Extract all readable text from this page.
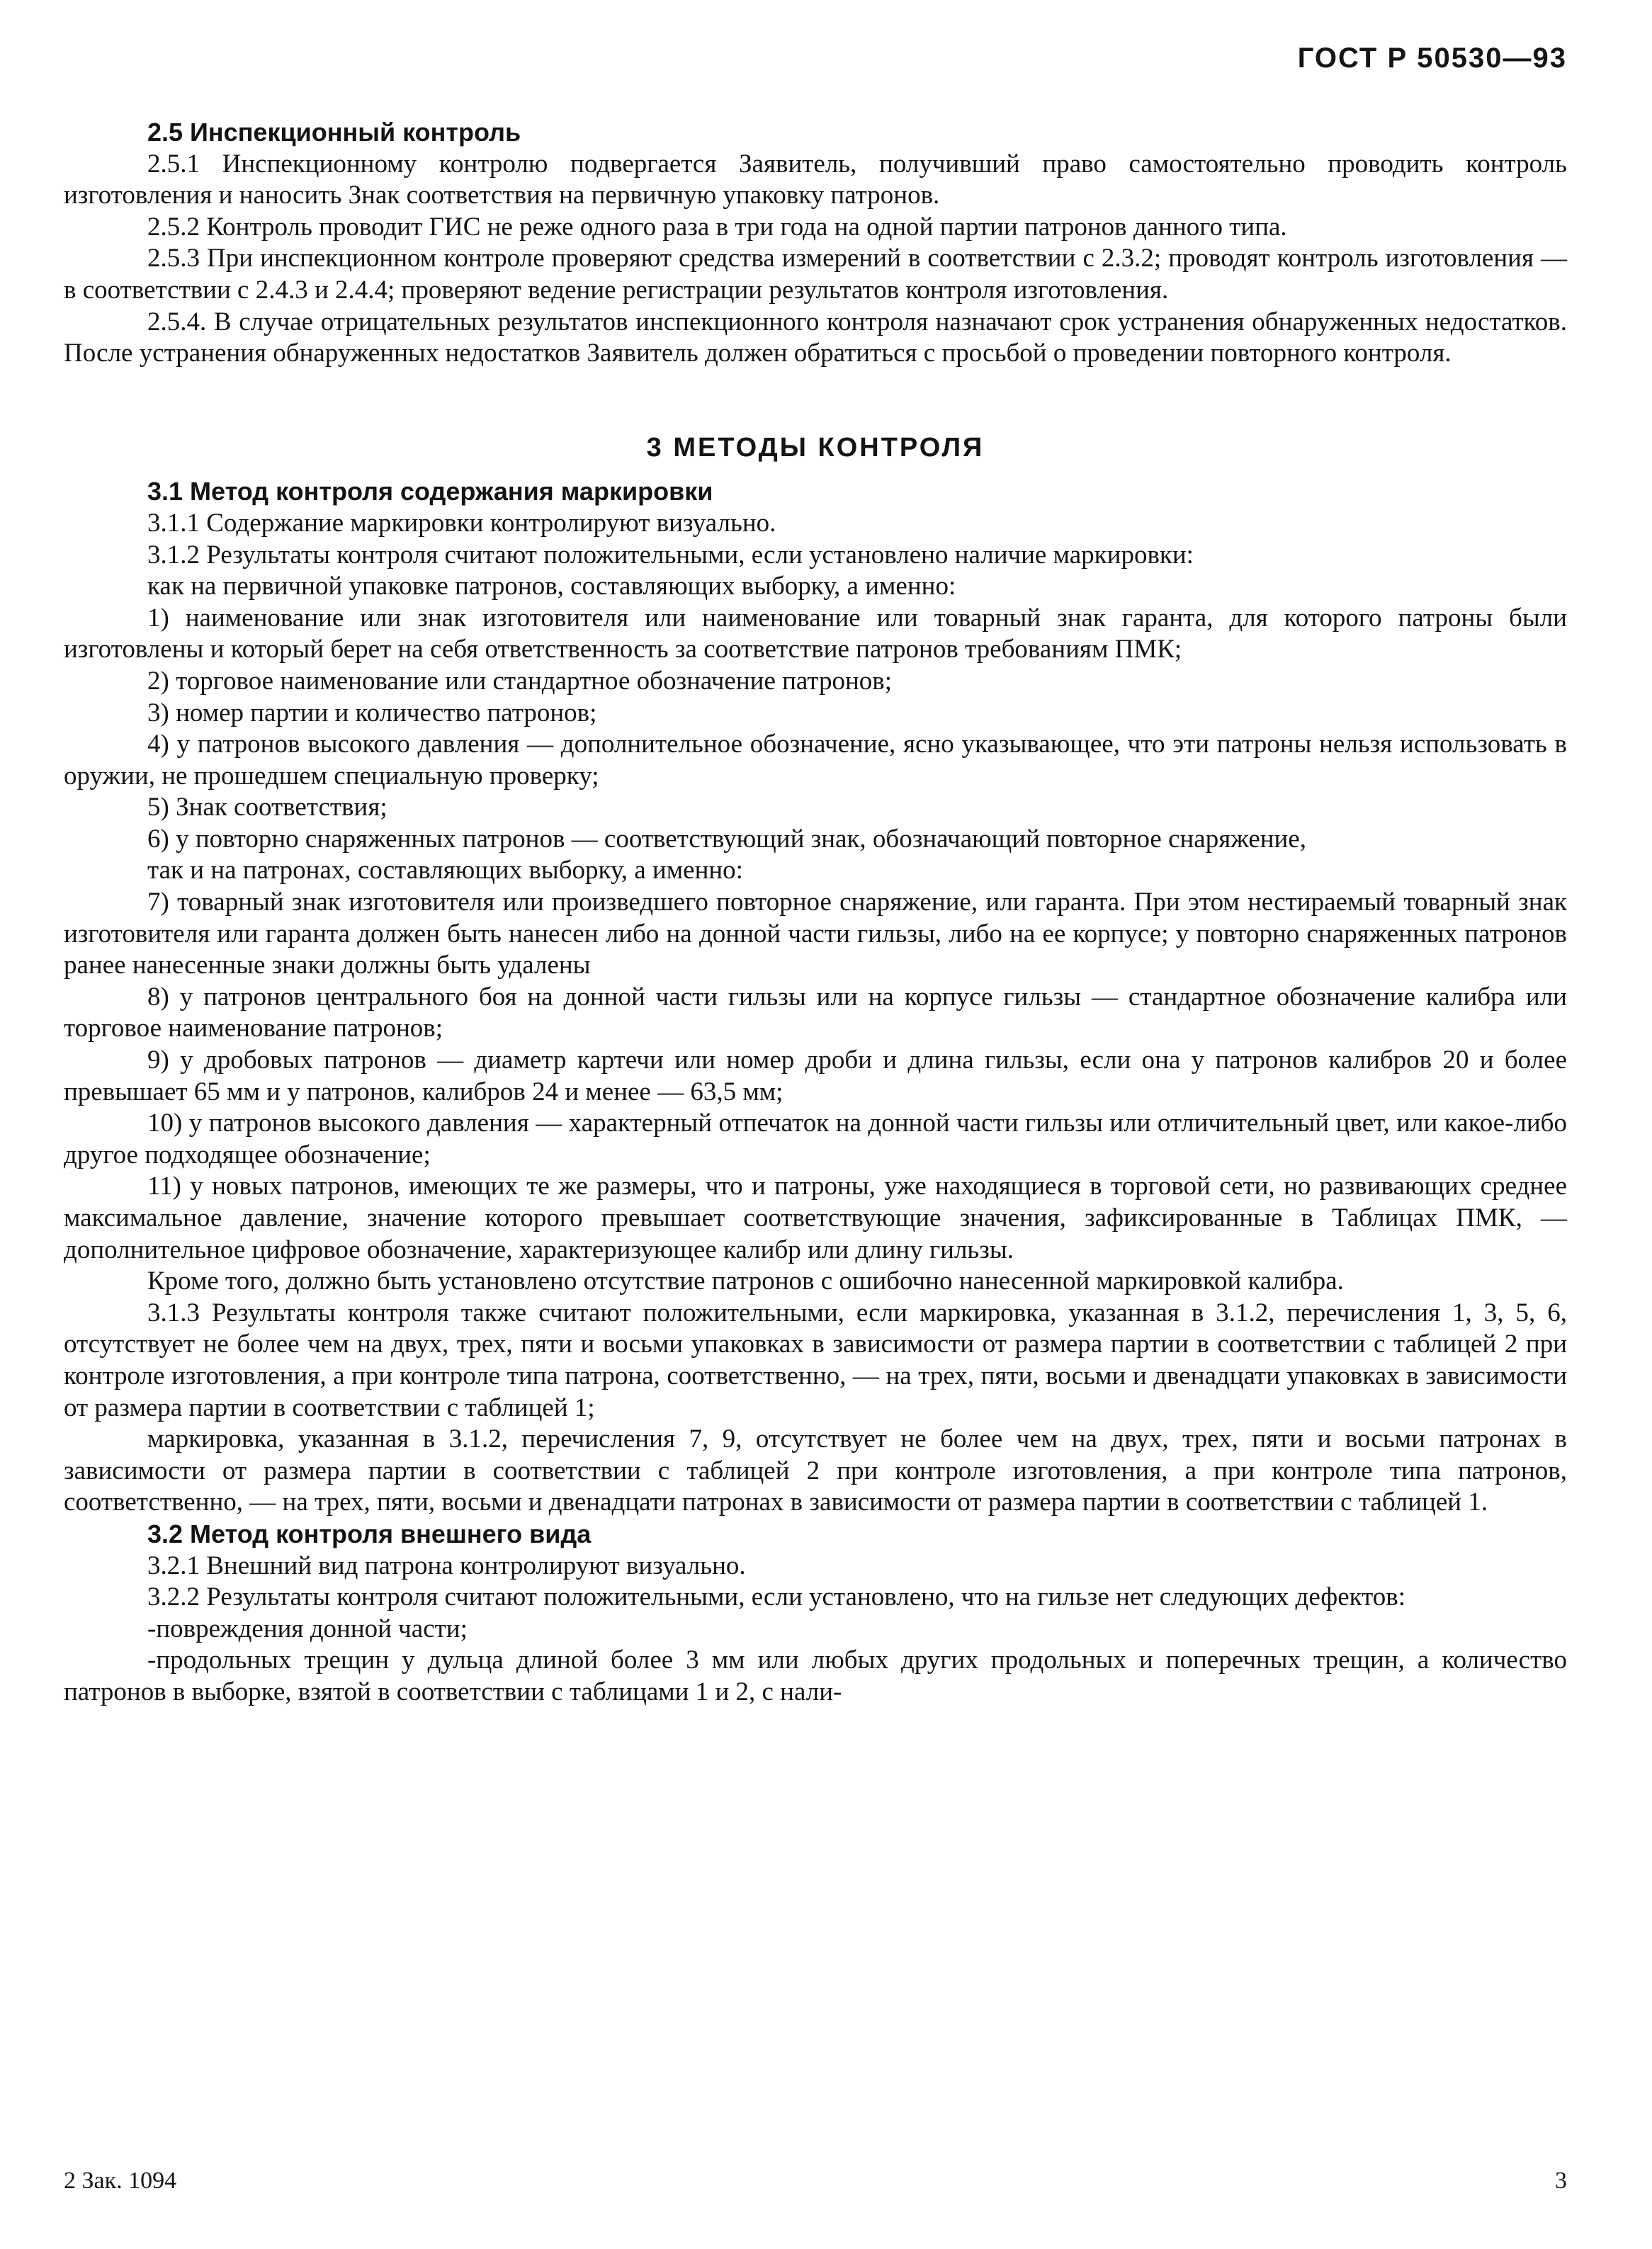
ГОСТ Р 50530—93
2.5 Инспекционный контроль

2.5.1 Инспекционному контролю подвергается Заявитель, получивший право самостоятельно проводить контроль изготовления и наносить Знак соответствия на первичную упаковку патронов.

2.5.2 Контроль проводит ГИС не реже одного раза в три года на одной партии патронов данного типа.

2.5.3 При инспекционном контроле проверяют средства измерений в соответствии с 2.3.2; проводят контроль изготовления — в соответствии с 2.4.3 и 2.4.4; проверяют ведение регистрации результатов контроля изготовления.

2.5.4. В случае отрицательных результатов инспекционного контроля назначают срок устранения обнаруженных недостатков. После устранения обнаруженных недостатков Заявитель должен обратиться с просьбой о проведении повторного контроля.

3 МЕТОДЫ КОНТРОЛЯ
3.1 Метод контроля содержания маркировки

3.1.1 Содержание маркировки контролируют визуально.

3.1.2 Результаты контроля считают положительными, если установлено наличие маркировки:

как на первичной упаковке патронов, составляющих выборку, а именно:

1) наименование или знак изготовителя или наименование или товарный знак гаранта, для которого патроны были изготовлены и который берет на себя ответственность за соответствие патронов требованиям ПМК;

2) торговое наименование или стандартное обозначение патронов;

3) номер партии и количество патронов;

4) у патронов высокого давления — дополнительное обозначение, ясно указывающее, что эти патроны нельзя использовать в оружии, не прошедшем специальную проверку;

5) Знак соответствия;

6) у повторно снаряженных патронов — соответствующий знак, обозначающий повторное снаряжение,

так и на патронах, составляющих выборку, а именно:

7) товарный знак изготовителя или произведшего повторное снаряжение, или гаранта. При этом нестираемый товарный знак изготовителя или гаранта должен быть нанесен либо на донной части гильзы, либо на ее корпусе; у повторно снаряженных патронов ранее нанесенные знаки должны быть удалены

8) у патронов центрального боя на донной части гильзы или на корпусе гильзы — стандартное обозначение калибра или торговое наименование патронов;

9) у дробовых патронов — диаметр картечи или номер дроби и длина гильзы, если она у патронов калибров 20 и более превышает 65 мм и у патронов, калибров 24 и менее — 63,5 мм;

10) у патронов высокого давления — характерный отпечаток на донной части гильзы или отличительный цвет, или какое-либо другое подходящее обозначение;

11) у новых патронов, имеющих те же размеры, что и патроны, уже находящиеся в торговой сети, но развивающих среднее максимальное давление, значение которого превышает соответствующие значения, зафиксированные в Таблицах ПМК, — дополнительное цифровое обозначение, характеризующее калибр или длину гильзы.

Кроме того, должно быть установлено отсутствие патронов с ошибочно нанесенной маркировкой калибра.

3.1.3 Результаты контроля также считают положительными, если маркировка, указанная в 3.1.2, перечисления 1, 3, 5, 6, отсутствует не более чем на двух, трех, пяти и восьми упаковках в зависимости от размера партии в соответствии с таблицей 2 при контроле изготовления, а при контроле типа патрона, соответственно, — на трех, пяти, восьми и двенадцати упаковках в зависимости от размера партии в соответствии с таблицей 1;

маркировка, указанная в 3.1.2, перечисления 7, 9, отсутствует не более чем на двух, трех, пяти и восьми патронах в зависимости от размера партии в соответствии с таблицей 2 при контроле изготовления, а при контроле типа патронов, соответственно, — на трех, пяти, восьми и двенадцати патронах в зависимости от размера партии в соответствии с таблицей 1.

3.2 Метод контроля внешнего вида

3.2.1 Внешний вид патрона контролируют визуально.

3.2.2 Результаты контроля считают положительными, если установлено, что на гильзе нет следующих дефектов:

-повреждения донной части;

-продольных трещин у дульца длиной более 3 мм или любых других продольных и поперечных трещин, а количество патронов в выборке, взятой в соответствии с таблицами 1 и 2, с нали-

2 Зак. 1094	3
